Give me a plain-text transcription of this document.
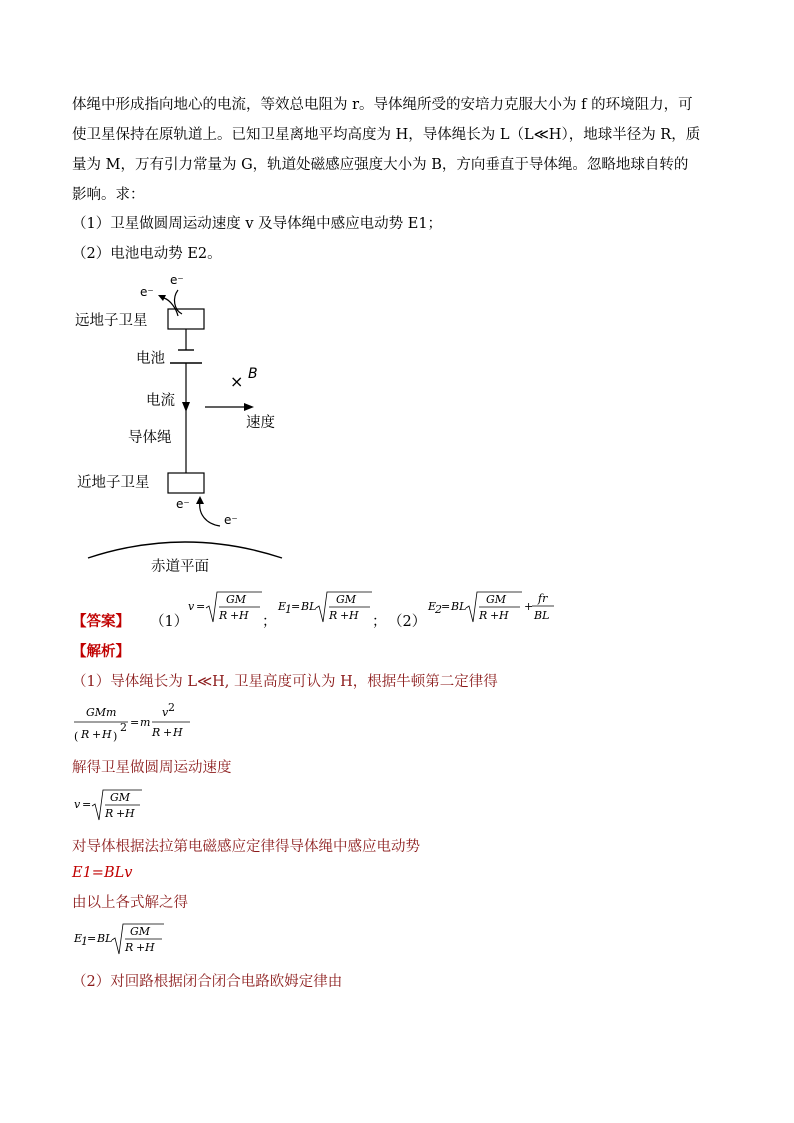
体绳中形成指向地心的电流，等效总电阻为 r。导体绳所受的安培力克服大小为 f 的环境阻力，可
使卫星保持在原轨道上。已知卫星离地平均高度为 H，导体绳长为 L（L≪H），地球半径为 R，质
量为 M，万有引力常量为 G，轨道处磁感应强度大小为 B，方向垂直于导体绳。忽略地球自转的
影响。求：
（1）卫星做圆周运动速度 v 及导体绳中感应电动势 E1；
（2）电池电动势 E2。
e⁻
e⁻
远地子卫星
电池
电流
导体绳
× B
速度
近地子卫星
e⁻
e⁻
赤道平面
【答案】 （1）
v =
GM
R + H ；
E
1 = BL
GM
R + H ； （2）
E
2 = BL
GM
R + H
+
fr
BL
【解析】
（1）导体绳长为 L≪H, 卫星高度可认为 H，根据牛顿第二定律得
GMm
( R + H )
2 = m
v 2
R + H
解得卫星做圆周运动速度
v =
GM
R + H
对导体根据法拉第电磁感应定律得导体绳中感应电动势
E1=BLv
由以上各式解之得
E
1 = BL
GM
R + H
（2）对回路根据闭合闭合电路欧姆定律由
